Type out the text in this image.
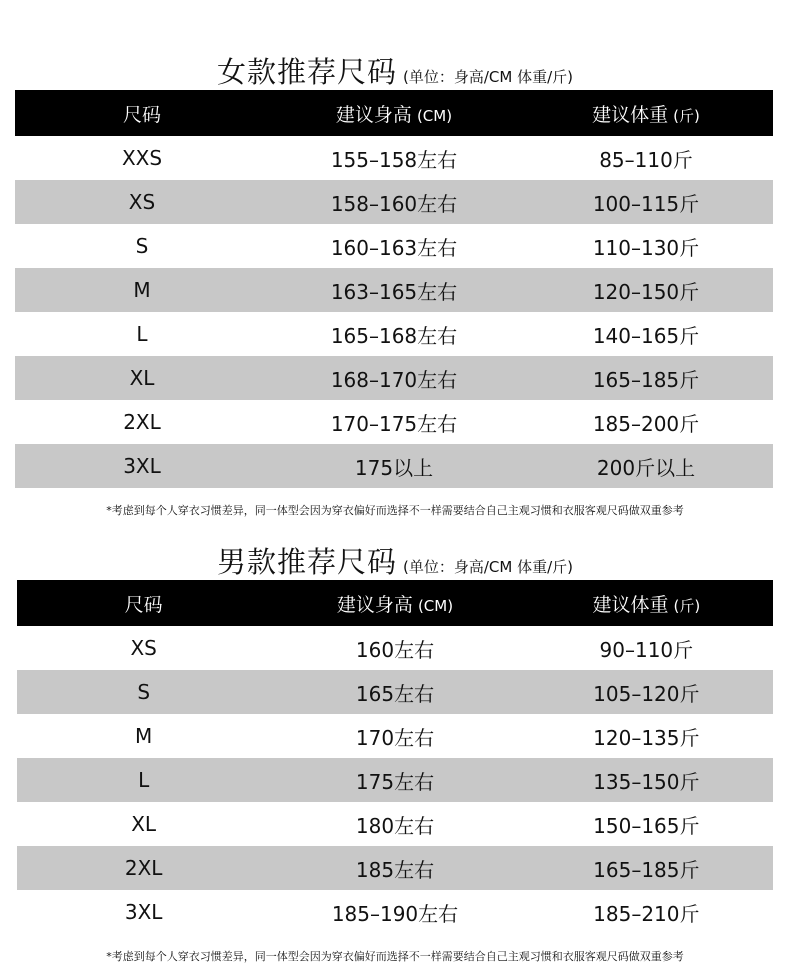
女款推荐尺码 (单位：身高/CM 体重/斤)
尺码	建议身高 (CM)	建议体重 (斤)
XXS	155–158左右	85–110斤
XS	158–160左右	100–115斤
S	160–163左右	110–130斤
M	163–165左右	120–150斤
L	165–168左右	140–165斤
XL	168–170左右	165–185斤
2XL	170–175左右	185–200斤
3XL	175以上	200斤以上
*考虑到每个人穿衣习惯差异，同一体型会因为穿衣偏好而选择不一样需要结合自己主观习惯和衣服客观尺码做双重参考
男款推荐尺码 (单位：身高/CM 体重/斤)
尺码	建议身高 (CM)	建议体重 (斤)
XS	160左右	90–110斤
S	165左右	105–120斤
M	170左右	120–135斤
L	175左右	135–150斤
XL	180左右	150–165斤
2XL	185左右	165–185斤
3XL	185–190左右	185–210斤
*考虑到每个人穿衣习惯差异，同一体型会因为穿衣偏好而选择不一样需要结合自己主观习惯和衣服客观尺码做双重参考
